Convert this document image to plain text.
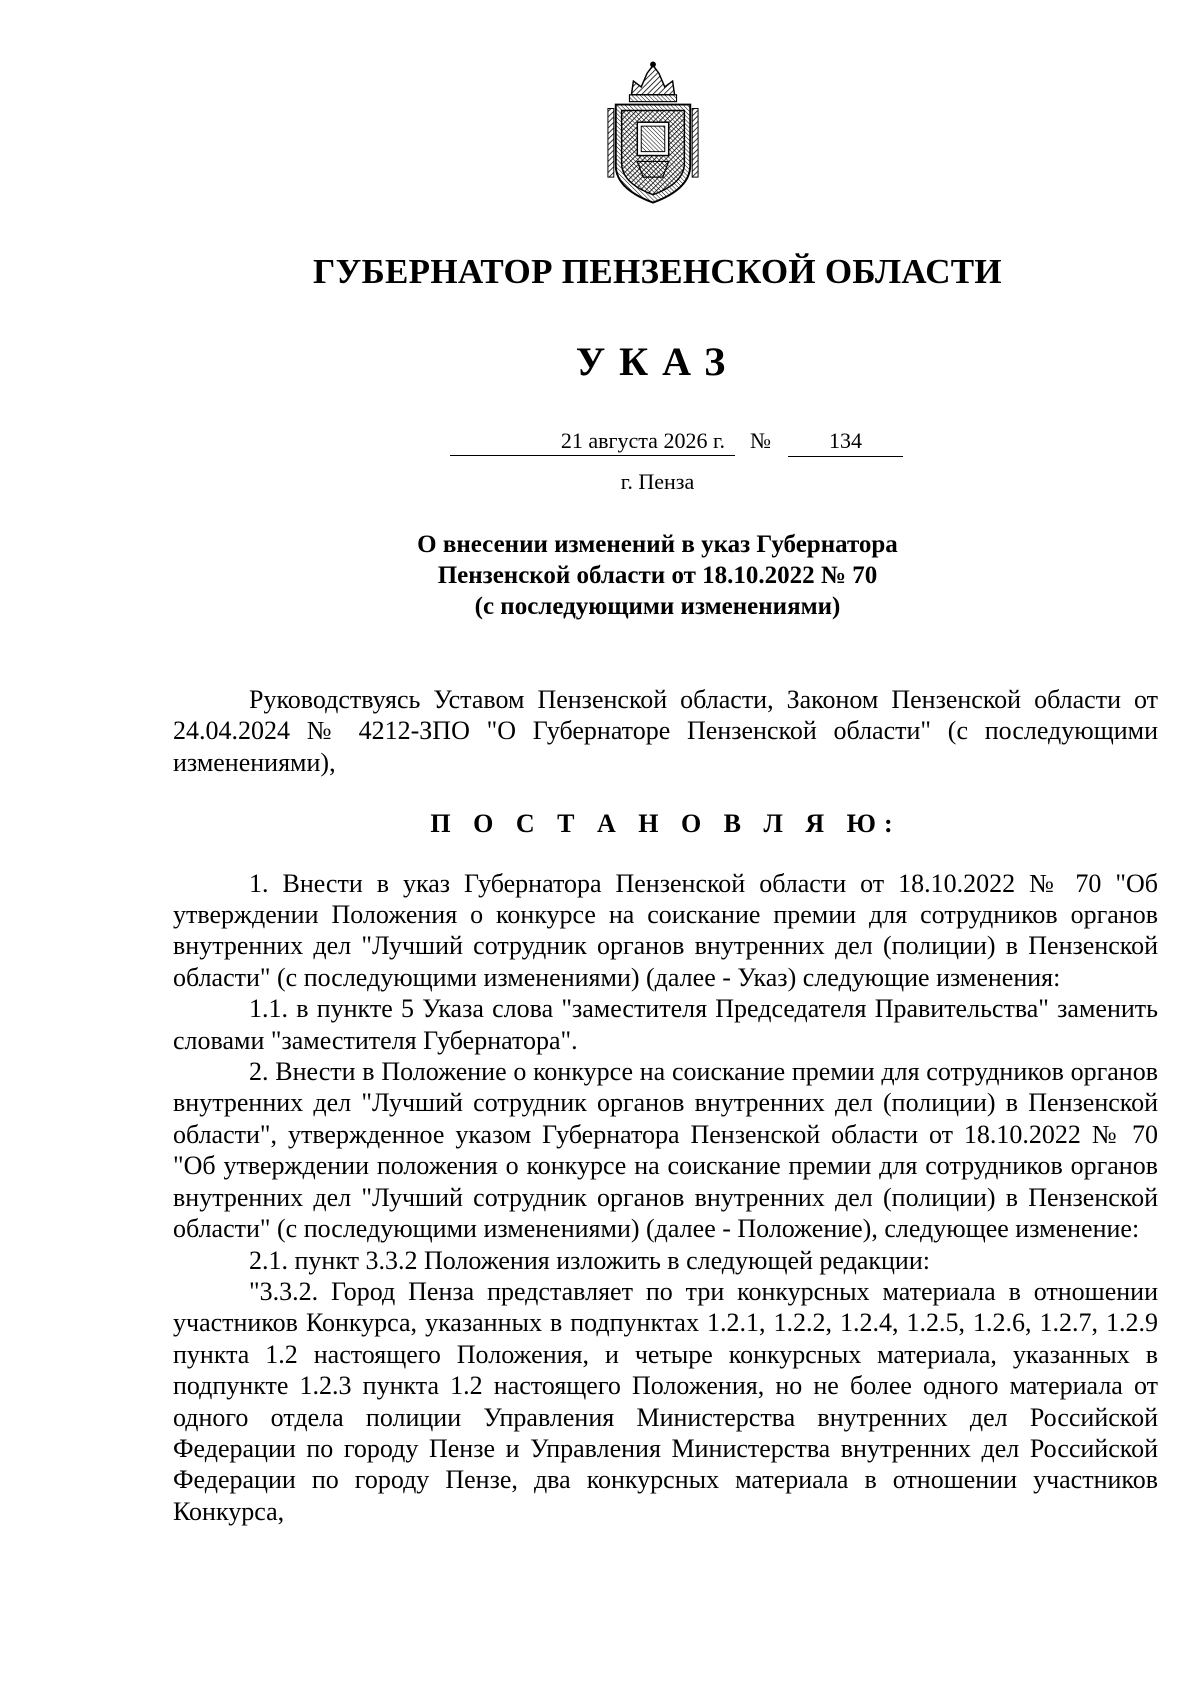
ГУБЕРНАТОР ПЕНЗЕНСКОЙ ОБЛАСТИ
УКАЗ
21 августа 2026 г.	№	134
г. Пенза
О внесении изменений в указ Губернатора
Пензенской области от 18.10.2022 № 70
(с последующими изменениями)

Руководствуясь Уставом Пензенской области, Законом Пензенской области от 24.04.2024 № 4212-ЗПО "О Губернаторе Пензенской области" (с последующими изменениями),

П О С Т А Н О В Л Я Ю:

1. Внести в указ Губернатора Пензенской области от 18.10.2022 № 70 "Об утверждении Положения о конкурсе на соискание премии для сотрудников органов внутренних дел "Лучший сотрудник органов внутренних дел (полиции) в Пензенской области" (с последующими изменениями) (далее - Указ) следующие изменения:

1.1. в пункте 5 Указа слова "заместителя Председателя Правительства" заменить словами "заместителя Губернатора".

2. Внести в Положение о конкурсе на соискание премии для сотрудников органов внутренних дел "Лучший сотрудник органов внутренних дел (полиции) в Пензенской области", утвержденное указом Губернатора Пензенской области от 18.10.2022 № 70 "Об утверждении положения о конкурсе на соискание премии для сотрудников органов внутренних дел "Лучший сотрудник органов внутренних дел (полиции) в Пензенской области" (с последующими изменениями) (далее - Положение), следующее изменение:

2.1. пункт 3.3.2 Положения изложить в следующей редакции:

"3.3.2. Город Пенза представляет по три конкурсных материала в отношении участников Конкурса, указанных в подпунктах 1.2.1, 1.2.2, 1.2.4, 1.2.5, 1.2.6, 1.2.7, 1.2.9 пункта 1.2 настоящего Положения, и четыре конкурсных материала, указанных в подпункте 1.2.3 пункта 1.2 настоящего Положения, но не более одного материала от одного отдела полиции Управления Министерства внутренних дел Российской Федерации по городу Пензе и Управления Министерства внутренних дел Российской Федерации по городу Пензе, два конкурсных материала в отношении участников Конкурса,
